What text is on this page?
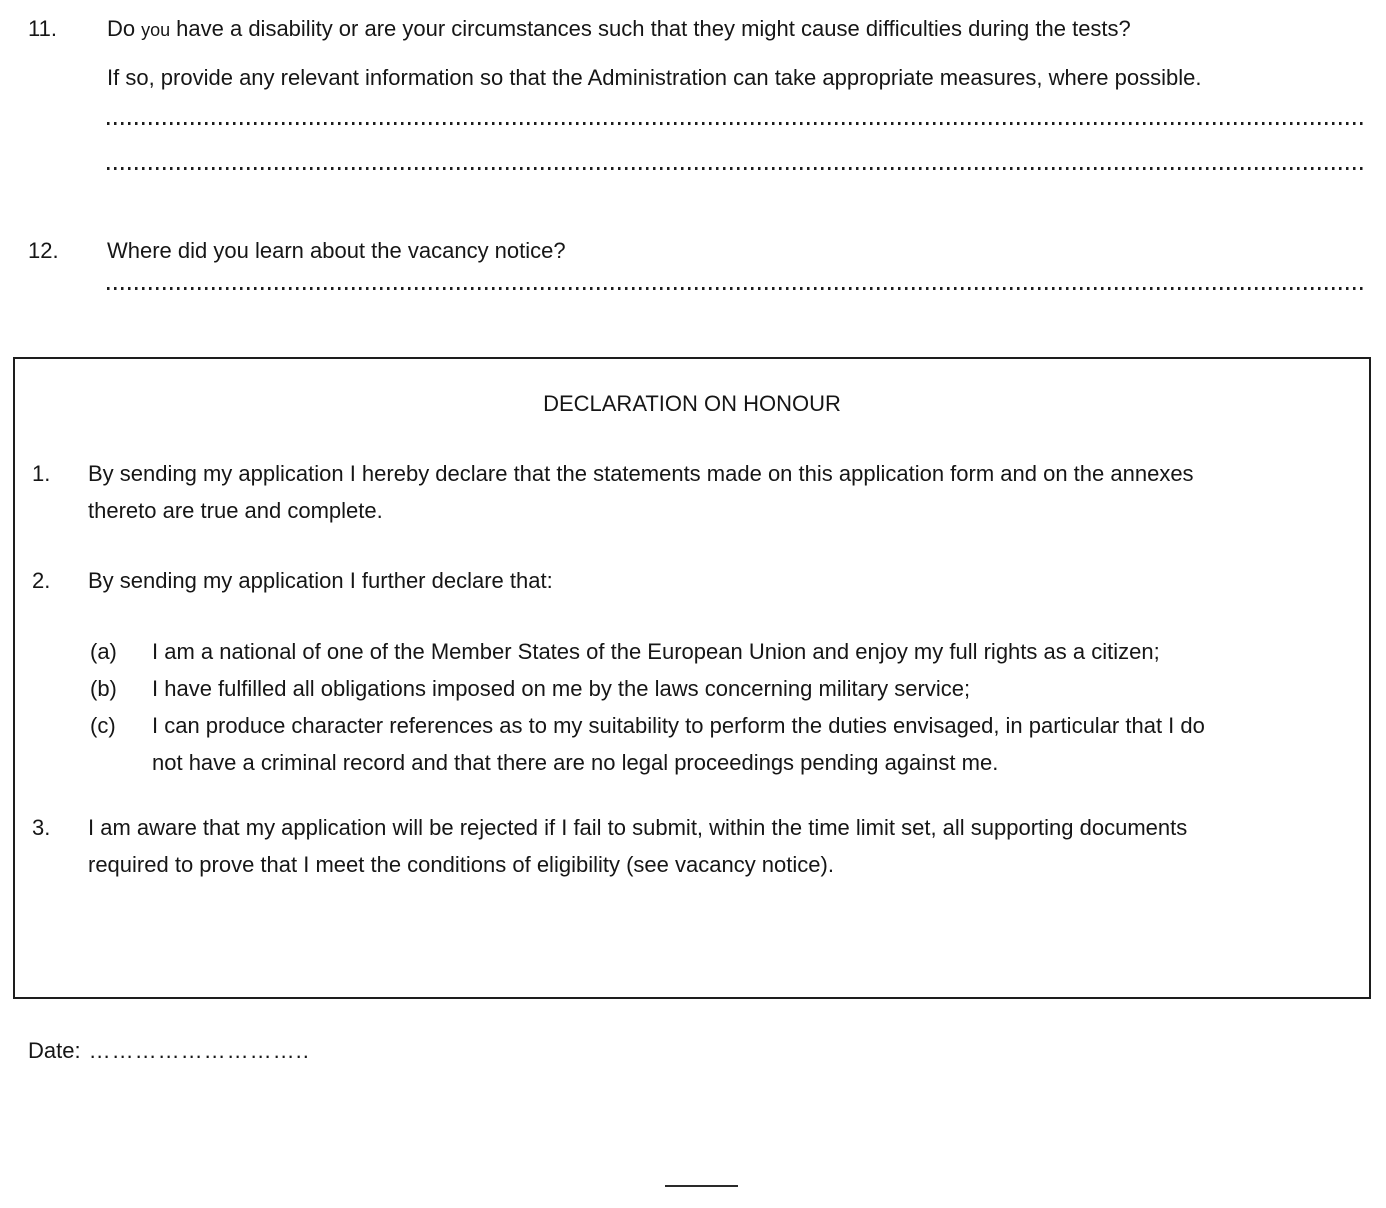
11.	Do you have a disability or are your circumstances such that they might cause difficulties during the tests?
If so, provide any relevant information so that the Administration can take appropriate measures, where possible.
12.	Where did you learn about the vacancy notice?
DECLARATION ON HONOUR
1.	By sending my application I hereby declare that the statements made on this application form and on the annexes
thereto are true and complete.
2.	By sending my application I further declare that:
(a)	I am a national of one of the Member States of the European Union and enjoy my full rights as a citizen;
(b)	I have fulfilled all obligations imposed on me by the laws concerning military service;
(c)	I can produce character references as to my suitability to perform the duties envisaged, in particular that I do
not have a criminal record and that there are no legal proceedings pending against me.
3.	I am aware that my application will be rejected if I fail to submit, within the time limit set, all supporting documents
required to prove that I meet the conditions of eligibility (see vacancy notice).
Date: ………………………..
